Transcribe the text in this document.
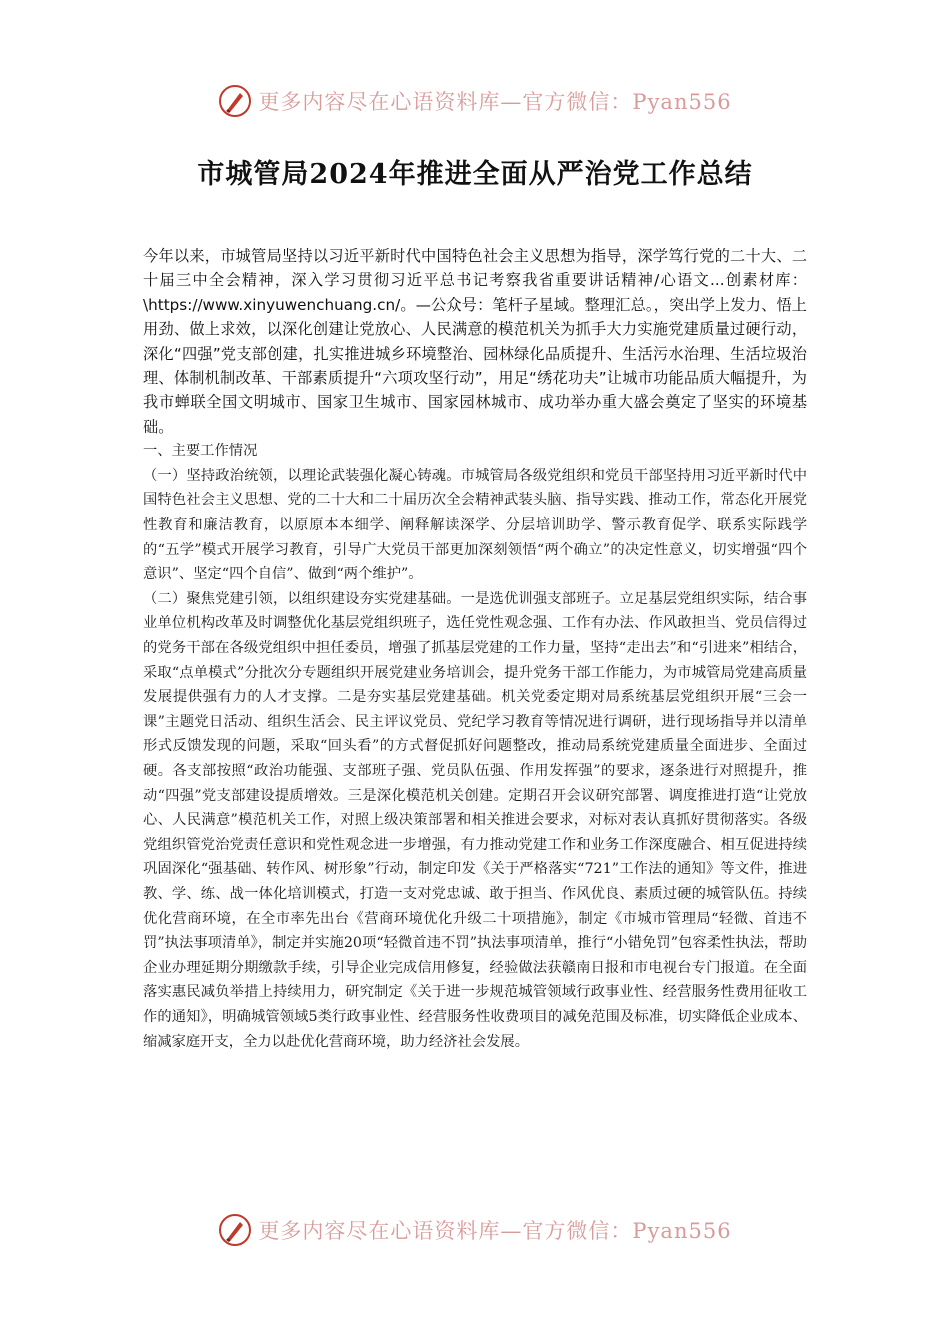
更多内容尽在心语资料库—官方微信：Pyan556
市城管局2024年推进全面从严治党工作总结

今年以来，市城管局坚持以习近平新时代中国特色社会主义思想为指导，深学笃行党的二十大、二十届三中全会精神，深入学习贯彻习近平总书记考察我省重要讲话精神/心语文...创素材库：\https://www.xinyuwenchuang.cn/。—公众号：笔杆子星域。整理汇总。，突出学上发力、悟上用劲、做上求效，以深化创建让党放心、人民满意的模范机关为抓手大力实施党建质量过硬行动，深化“四强”党支部创建，扎实推进城乡环境整治、园林绿化品质提升、生活污水治理、生活垃圾治理、体制机制改革、干部素质提升“六项攻坚行动”，用足“绣花功夫”让城市功能品质大幅提升，为我市蝉联全国文明城市、国家卫生城市、国家园林城市、成功举办重大盛会奠定了坚实的环境基础。

一、主要工作情况

（一）坚持政治统领，以理论武装强化凝心铸魂。市城管局各级党组织和党员干部坚持用习近平新时代中国特色社会主义思想、党的二十大和二十届历次全会精神武装头脑、指导实践、推动工作，常态化开展党性教育和廉洁教育，以原原本本细学、阐释解读深学、分层培训助学、警示教育促学、联系实际践学的“五学”模式开展学习教育，引导广大党员干部更加深刻领悟“两个确立”的决定性意义，切实增强“四个意识”、坚定“四个自信”、做到“两个维护”。

（二）聚焦党建引领，以组织建设夯实党建基础。一是选优训强支部班子。立足基层党组织实际，结合事业单位机构改革及时调整优化基层党组织班子，选任党性观念强、工作有办法、作风敢担当、党员信得过的党务干部在各级党组织中担任委员，增强了抓基层党建的工作力量，坚持“走出去”和“引进来”相结合，采取“点单模式”分批次分专题组织开展党建业务培训会，提升党务干部工作能力，为市城管局党建高质量发展提供强有力的人才支撑。二是夯实基层党建基础。机关党委定期对局系统基层党组织开展“三会一课”主题党日活动、组织生活会、民主评议党员、党纪学习教育等情况进行调研，进行现场指导并以清单形式反馈发现的问题，采取“回头看”的方式督促抓好问题整改，推动局系统党建质量全面进步、全面过硬。各支部按照“政治功能强、支部班子强、党员队伍强、作用发挥强”的要求，逐条进行对照提升，推动“四强”党支部建设提质增效。三是深化模范机关创建。定期召开会议研究部署、调度推进打造“让党放心、人民满意”模范机关工作，对照上级决策部署和相关推进会要求，对标对表认真抓好贯彻落实。各级党组织管党治党责任意识和党性观念进一步增强，有力推动党建工作和业务工作深度融合、相互促进持续巩固深化“强基础、转作风、树形象”行动，制定印发《关于严格落实“721”工作法的通知》等文件，推进教、学、练、战一体化培训模式，打造一支对党忠诚、敢于担当、作风优良、素质过硬的城管队伍。持续优化营商环境，在全市率先出台《营商环境优化升级二十项措施》，制定《市城市管理局“轻微、首违不罚”执法事项清单》，制定并实施20项“轻微首违不罚”执法事项清单，推行“小错免罚”包容柔性执法，帮助企业办理延期分期缴款手续，引导企业完成信用修复，经验做法获赣南日报和市电视台专门报道。在全面落实惠民减负举措上持续用力，研究制定《关于进一步规范城管领域行政事业性、经营服务性费用征收工作的通知》，明确城管领域5类行政事业性、经营服务性收费项目的减免范围及标准，切实降低企业成本、缩减家庭开支，全力以赴优化营商环境，助力经济社会发展。

更多内容尽在心语资料库—官方微信：Pyan556
